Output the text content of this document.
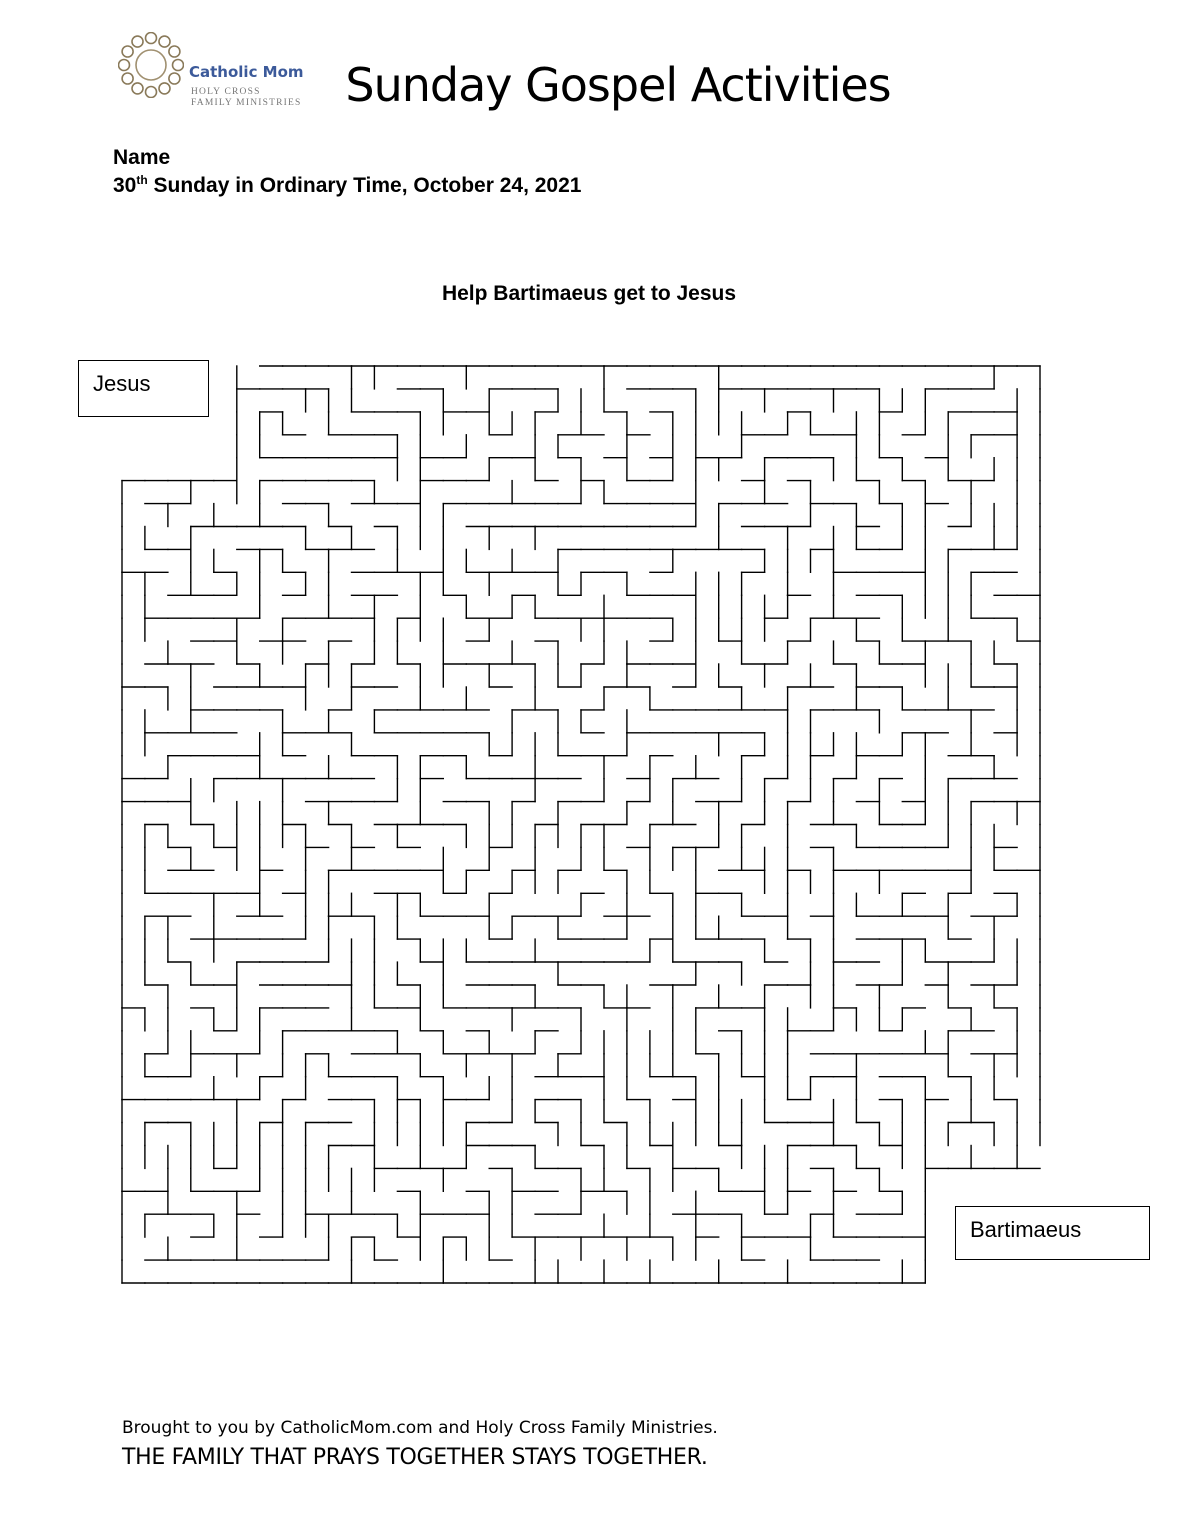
Catholic Mom
HOLY CROSS
FAMILY MINISTRIES Sunday Gospel Activities
Name
30th Sunday in Ordinary Time, October 24, 2021
Help Bartimaeus get to Jesus
Jesus
Bartimaeus
Brought to you by CatholicMom.com and Holy Cross Family Ministries.
THE FAMILY THAT PRAYS TOGETHER STAYS TOGETHER.
